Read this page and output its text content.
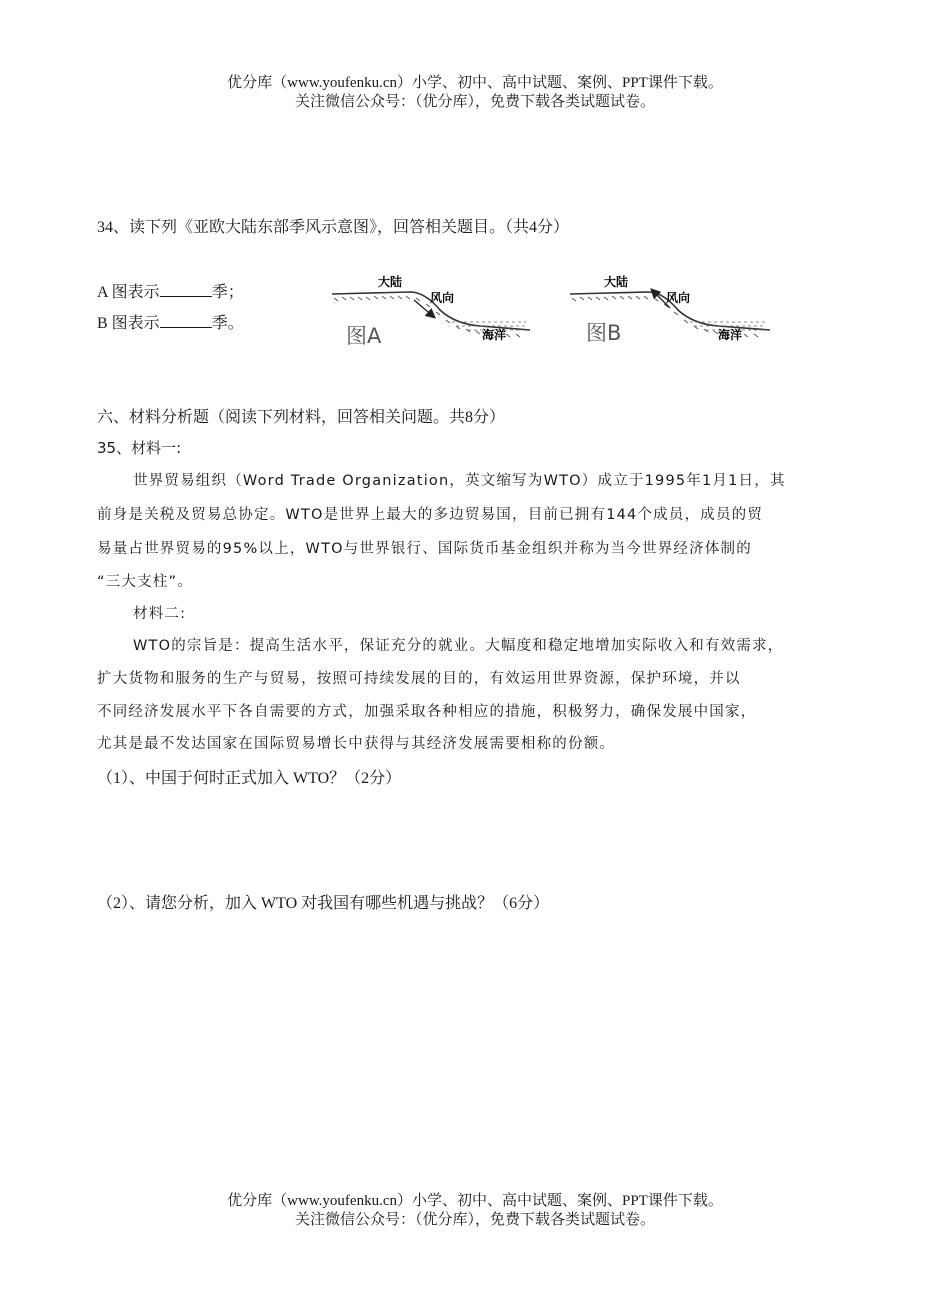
优分库（www.youfenku.cn）小学、初中、高中试题、案例、PPT课件下载。
关注微信公众号：（优分库），免费下载各类试题试卷。
34、读下列《亚欧大陆东部季风示意图》，回答相关题目。（共4分）
A 图表示	季；
B 图表示	季。
大陆
风向
海洋
图A
大陆
风向
海洋
图B
六、材料分析题（阅读下列材料，回答相关问题。共8分）
35、材料一:
世界贸易组织（Word Trade Organization，英文缩写为WTO）成立于1995年1月1日，其
前身是关税及贸易总协定。WTO是世界上最大的多边贸易国，目前已拥有144个成员，成员的贸
易量占世界贸易的95%以上，WTO与世界银行、国际货币基金组织并称为当今世界经济体制的
“三大支柱”。
材料二:
WTO的宗旨是：提高生活水平，保证充分的就业。大幅度和稳定地增加实际收入和有效需求，
扩大货物和服务的生产与贸易，按照可持续发展的目的，有效运用世界资源，保护环境，并以
不同经济发展水平下各自需要的方式，加强采取各种相应的措施，积极努力，确保发展中国家，
尤其是最不发达国家在国际贸易增长中获得与其经济发展需要相称的份额。
（1）、中国于何时正式加入 WTO？（2分）
（2）、请您分析，加入 WTO 对我国有哪些机遇与挑战？（6分）
优分库（www.youfenku.cn）小学、初中、高中试题、案例、PPT课件下载。
关注微信公众号：（优分库），免费下载各类试题试卷。
